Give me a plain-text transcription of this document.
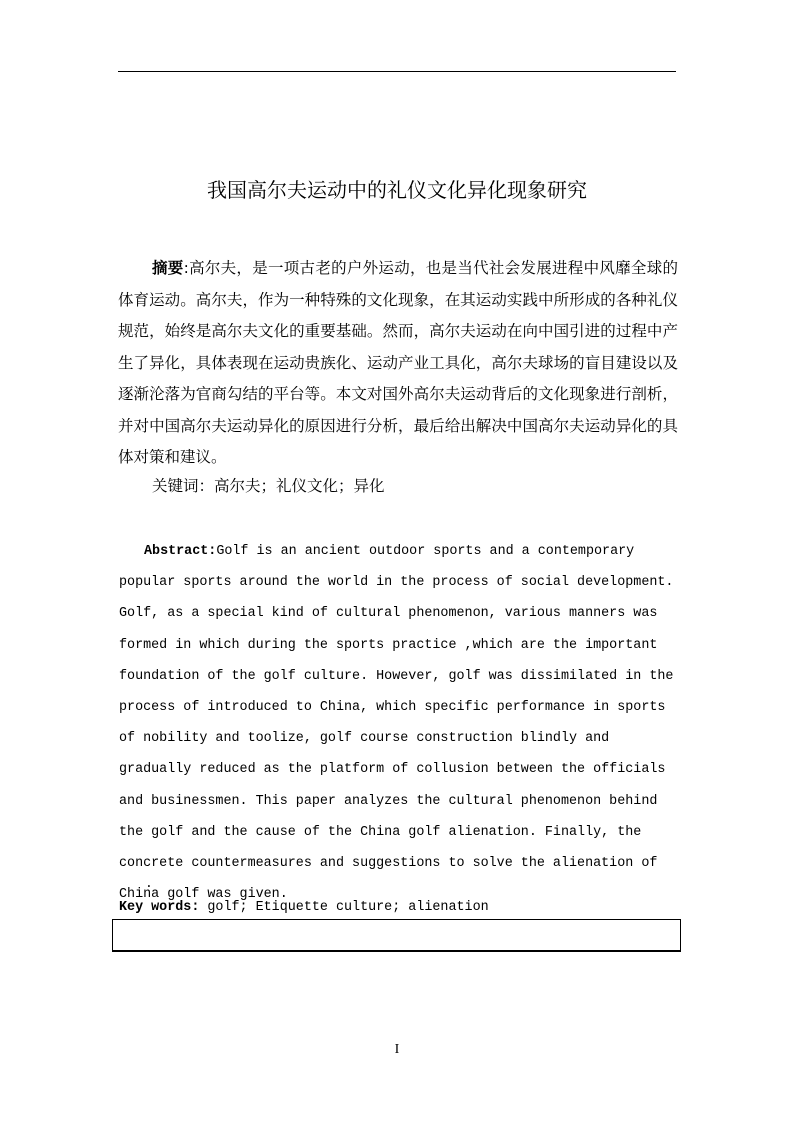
我国高尔夫运动中的礼仪文化异化现象研究

摘要:高尔夫，是一项古老的户外运动，也是当代社会发展进程中风靡全球的体育运动。高尔夫，作为一种特殊的文化现象，在其运动实践中所形成的各种礼仪规范，始终是高尔夫文化的重要基础。然而，高尔夫运动在向中国引进的过程中产生了异化，具体表现在运动贵族化、运动产业工具化，高尔夫球场的盲目建设以及逐渐沦落为官商勾结的平台等。本文对国外高尔夫运动背后的文化现象进行剖析，并对中国高尔夫运动异化的原因进行分析，最后给出解决中国高尔夫运动异化的具体对策和建议。

关键词：高尔夫；礼仪文化；异化

Abstract:Golf is an ancient outdoor sports and a contemporary popular sports around the world in the process of social development. Golf, as a special kind of cultural phenomenon, various manners was formed in which during the sports practice ,which are the important foundation of the golf culture. However, golf was dissimilated in the process of introduced to China, which specific performance in sports of nobility and toolize, golf course construction blindly and gradually reduced as the platform of collusion between the officials and businessmen. This paper analyzes the cultural phenomenon behind the golf and the cause of the China golf alienation. Finally, the concrete countermeasures and suggestions to solve the alienation of China golf was given.

.

Key words: golf; Etiquette culture; alienation

I
